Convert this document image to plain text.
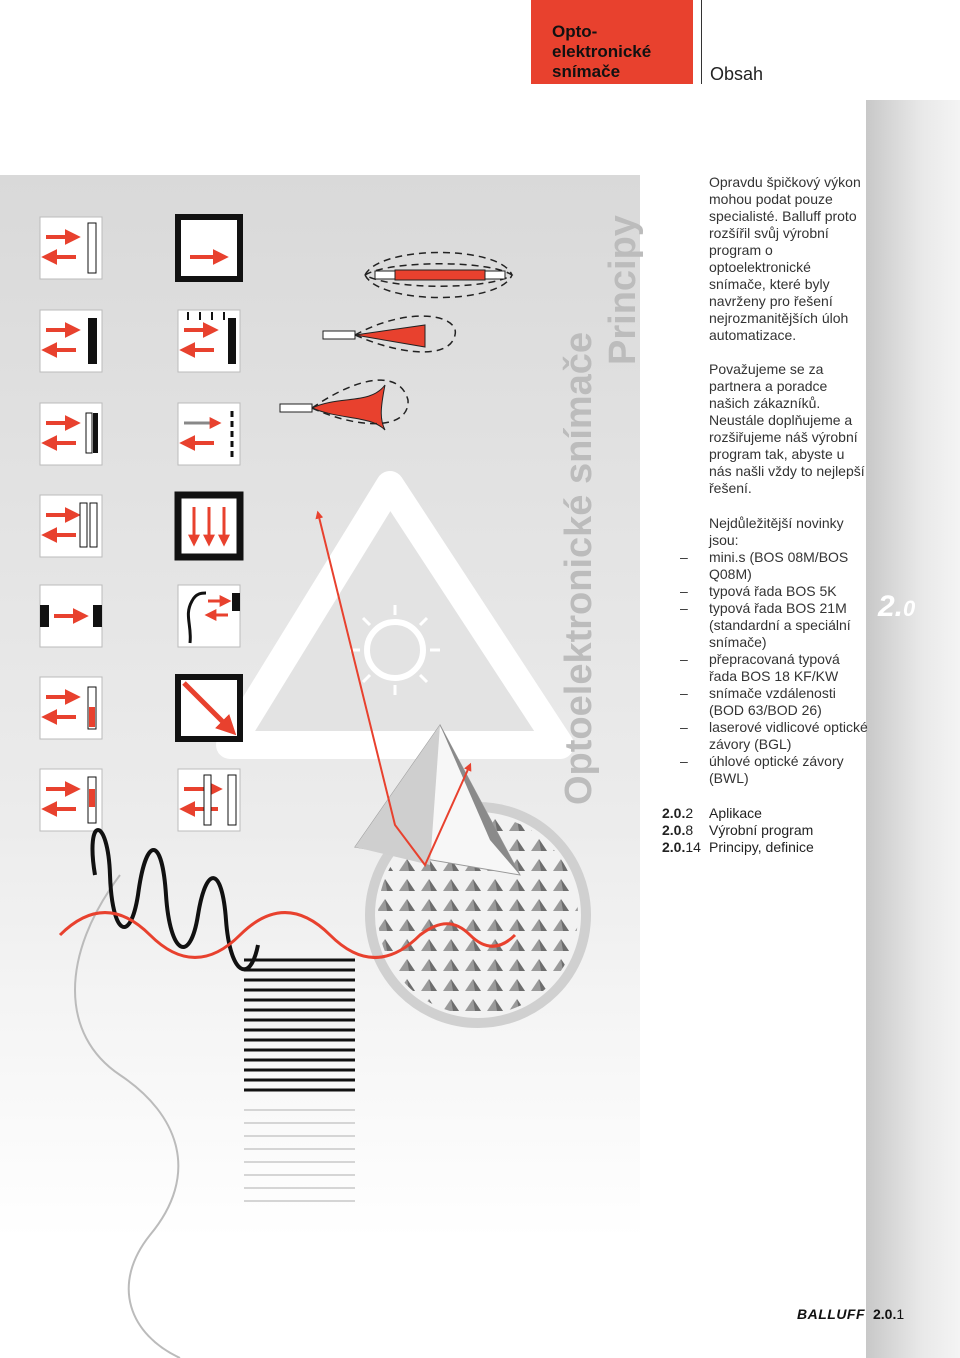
Opto-
elektronické
snímače	Obsah
2.0
Optoelektronické snímače
Principy

Opravdu špičkový výkon mohou podat pouze specialisté. Balluff proto rozšířil svůj výrobní program o optoelektronické snímače, které byly navrženy pro řešení nejrozmanitějších úloh automatizace.

Považujeme se za partnera a poradce našich zákazníků. Neustále doplňujeme a rozšiřujeme náš výrobní program tak, abyste u nás našli vždy to nejlepší řešení.

Nejdůležitější novinky jsou:

– mini.s (BOS 08M/BOS Q08M)
– typová řada BOS 5K
– typová řada BOS 21M (standardní a speciální snímače)
– přepracovaná typová řada BOS 18 KF/KW
– snímače vzdálenosti (BOD 63/BOD 26)
– laserové vidlicové optické závory (BGL)
– úhlové optické závory (BWL)
2.0.2	Aplikace
2.0.8	Výrobní program
2.0.14 Principy, definice
BALLUFF 2.0.1
